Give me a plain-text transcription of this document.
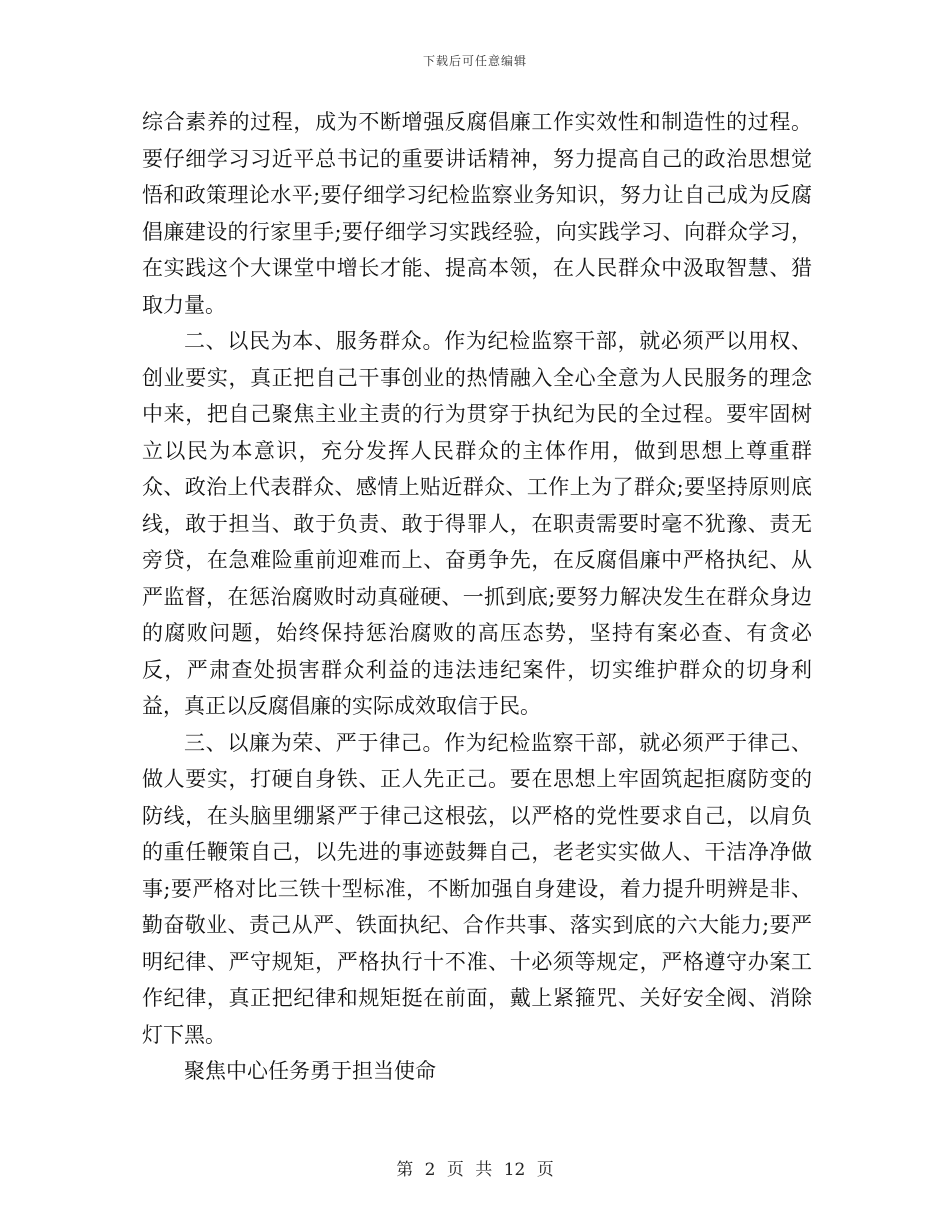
下载后可任意编辑

综合素养的过程，成为不断增强反腐倡廉工作实效性和制造性的过程。要仔细学习习近平总书记的重要讲话精神，努力提高自己的政治思想觉悟和政策理论水平;要仔细学习纪检监察业务知识，努力让自己成为反腐倡廉建设的行家里手;要仔细学习实践经验，向实践学习、向群众学习，在实践这个大课堂中增长才能、提高本领，在人民群众中汲取智慧、猎取力量。

二、以民为本、服务群众。作为纪检监察干部，就必须严以用权、创业要实，真正把自己干事创业的热情融入全心全意为人民服务的理念中来，把自己聚焦主业主责的行为贯穿于执纪为民的全过程。要牢固树立以民为本意识，充分发挥人民群众的主体作用，做到思想上尊重群众、政治上代表群众、感情上贴近群众、工作上为了群众;要坚持原则底线，敢于担当、敢于负责、敢于得罪人，在职责需要时毫不犹豫、责无旁贷，在急难险重前迎难而上、奋勇争先，在反腐倡廉中严格执纪、从严监督，在惩治腐败时动真碰硬、一抓到底;要努力解决发生在群众身边的腐败问题，始终保持惩治腐败的高压态势，坚持有案必查、有贪必反，严肃查处损害群众利益的违法违纪案件，切实维护群众的切身利益，真正以反腐倡廉的实际成效取信于民。

三、以廉为荣、严于律己。作为纪检监察干部，就必须严于律己、做人要实，打硬自身铁、正人先正己。要在思想上牢固筑起拒腐防变的防线，在头脑里绷紧严于律己这根弦，以严格的党性要求自己，以肩负的重任鞭策自己，以先进的事迹鼓舞自己，老老实实做人、干洁净净做事;要严格对比三铁十型标准，不断加强自身建设，着力提升明辨是非、勤奋敬业、责己从严、铁面执纪、合作共事、落实到底的六大能力;要严明纪律、严守规矩，严格执行十不准、十必须等规定，严格遵守办案工作纪律，真正把纪律和规矩挺在前面，戴上紧箍咒、关好安全阀、消除灯下黑。

聚焦中心任务勇于担当使命

第 2 页 共 12 页
